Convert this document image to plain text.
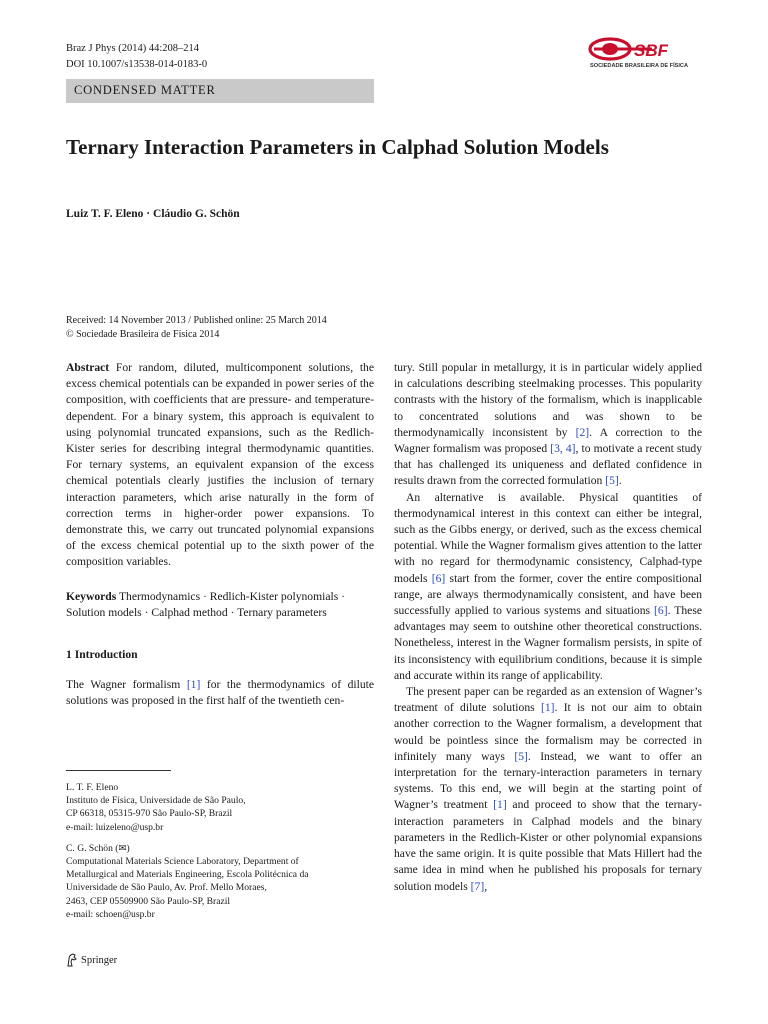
Braz J Phys (2014) 44:208–214
DOI 10.1007/s13538-014-0183-0
SBF
SOCIEDADE BRASILEIRA DE FÍSICA
CONDENSED MATTER
Ternary Interaction Parameters in Calphad Solution Models
Luiz T. F. Eleno · Cláudio G. Schön
Received: 14 November 2013 / Published online: 25 March 2014
© Sociedade Brasileira de Física 2014

Abstract For random, diluted, multicomponent solutions, the excess chemical potentials can be expanded in power series of the composition, with coefficients that are pressure- and temperature-dependent. For a binary system, this approach is equivalent to using polynomial truncated expansions, such as the Redlich-Kister series for describing integral thermodynamic quantities. For ternary systems, an equivalent expansion of the excess chemical potentials clearly justifies the inclusion of ternary interaction parameters, which arise naturally in the form of correction terms in higher-order power expansions. To demonstrate this, we carry out truncated polynomial expansions of the excess chemical potential up to the sixth power of the composition variables.

Keywords Thermodynamics · Redlich-Kister polynomials · Solution models · Calphad method · Ternary parameters

1 Introduction

The Wagner formalism [1] for the thermodynamics of dilute solutions was proposed in the first half of the twentieth cen-

tury. Still popular in metallurgy, it is in particular widely applied in calculations describing steelmaking processes. This popularity contrasts with the history of the formalism, which is inapplicable to concentrated solutions and was shown to be thermodynamically inconsistent by [2]. A correction to the Wagner formalism was proposed [3, 4], to motivate a recent study that has challenged its uniqueness and deflated confidence in results drawn from the corrected formulation [5].

An alternative is available. Physical quantities of thermodynamical interest in this context can either be integral, such as the Gibbs energy, or derived, such as the excess chemical potential. While the Wagner formalism gives attention to the latter with no regard for thermodynamic consistency, Calphad-type models [6] start from the former, cover the entire compositional range, are always thermodynamically consistent, and have been successfully applied to various systems and situations [6]. These advantages may seem to outshine other theoretical constructions. Nonetheless, interest in the Wagner formalism persists, in spite of its inconsistency with equilibrium conditions, because it is simple and accurate within its range of applicability.

The present paper can be regarded as an extension of Wagner’s treatment of dilute solutions [1]. It is not our aim to obtain another correction to the Wagner formalism, a development that would be pointless since the formalism may be corrected in infinitely many ways [5]. Instead, we want to offer an interpretation for the ternary-interaction parameters in ternary systems. To this end, we will begin at the starting point of Wagner’s treatment [1] and proceed to show that the ternary-interaction parameters in Calphad models and the binary parameters in the Redlich-Kister or other polynomial expansions have the same origin. It is quite possible that Mats Hillert had the same idea in mind when he published his proposals for ternary solution models [7],

L. T. F. Eleno
Instituto de Física, Universidade de São Paulo,
CP 66318, 05315-970 São Paulo-SP, Brazil
e-mail: luizeleno@usp.br
C. G. Schön (✉)
Computational Materials Science Laboratory, Department of
Metallurgical and Materials Engineering, Escola Politécnica da
Universidade de São Paulo, Av. Prof. Mello Moraes,
2463, CEP 05509900 São Paulo-SP, Brazil
e-mail: schoen@usp.br
Springer
